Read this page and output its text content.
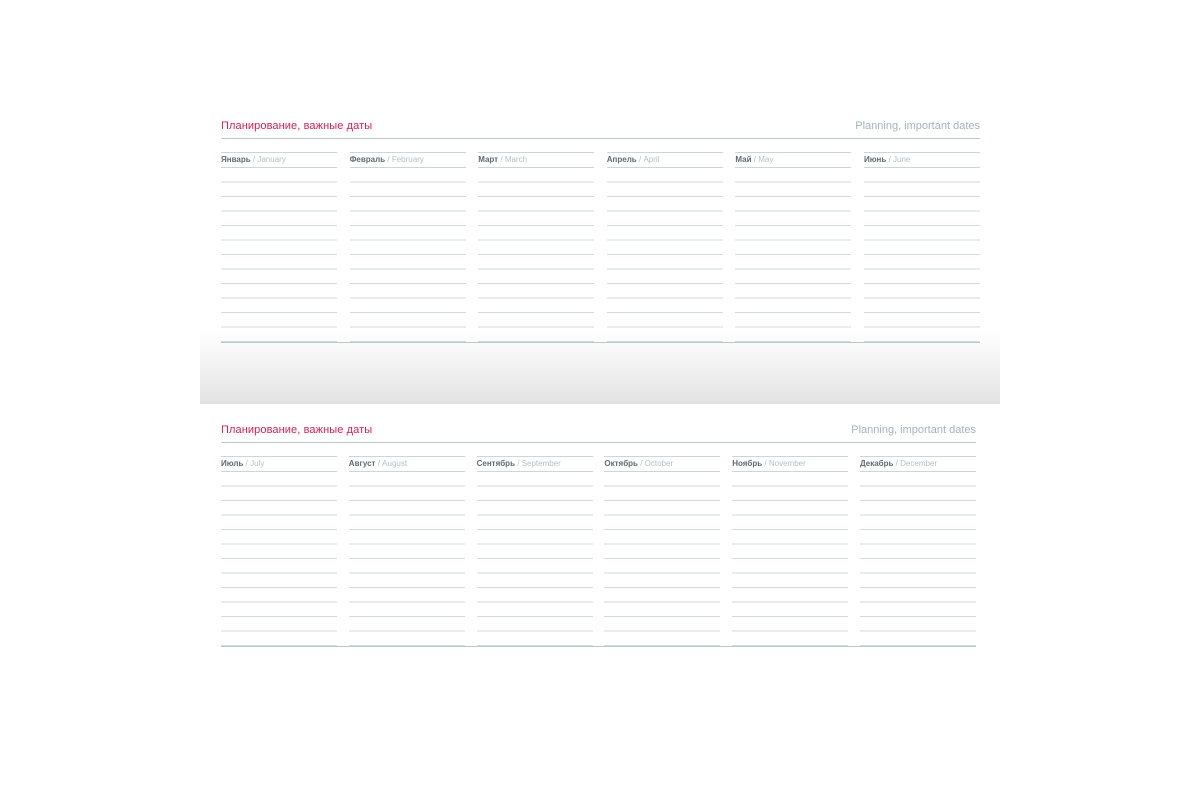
Планирование, важные даты	Planning, important dates
Январь / January	Февраль / February	Март / March	Апрель / April	Май / May	Июнь / June
Планирование, важные даты	Planning, important dates
Июль / July	Август / August	Сентябрь / September	Октябрь / October	Ноябрь / November	Декабрь / December
